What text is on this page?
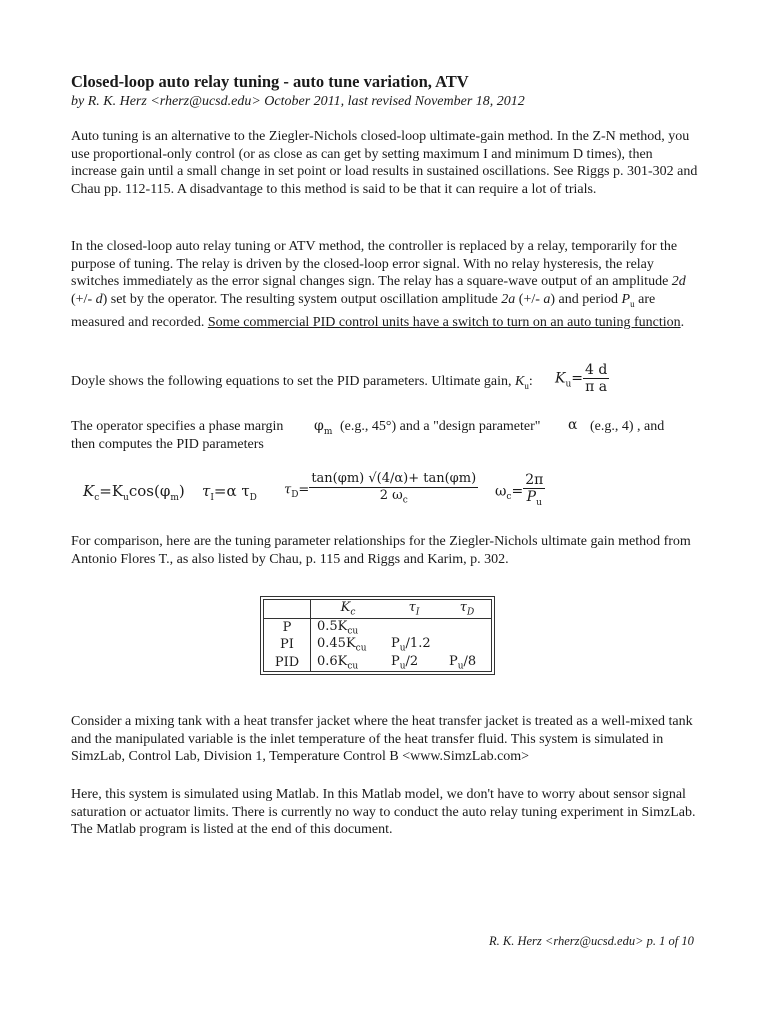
Closed-loop auto relay tuning - auto tune variation, ATV

by R. K. Herz <rherz@ucsd.edu> October 2011, last revised November 18, 2012

Auto tuning is an alternative to the Ziegler-Nichols closed-loop ultimate-gain method. In the Z-N method, you use proportional-only control (or as close as can get by setting maximum I and minimum D times), then increase gain until a small change in set point or load results in sustained oscillations. See Riggs p. 301-302 and Chau pp. 112-115. A disadvantage to this method is said to be that it can require a lot of trials.

In the closed-loop auto relay tuning or ATV method, the controller is replaced by a relay, temporarily for the purpose of tuning. The relay is driven by the closed-loop error signal. With no relay hysteresis, the relay switches immediately as the error signal changes sign. The relay has a square-wave output of an amplitude 2d (+/- d) set by the operator. The resulting system output oscillation amplitude 2a (+/- a) and period $P_u$ are measured and recorded. Some commercial PID control units have a switch to turn on an auto tuning function.

Doyle shows the following equations to set the PID parameters. Ultimate gain, $K_u$: $K_u= \frac{4 d}{\text{π a}}$
The operator specifies a phase margin $\varphi_m$ (e.g., 45°) and a "design parameter" α (e.g., 4) , and
then computes the PID parameters
$K_c=K_u\cos(\varphi_m)$ $\tau_I=\alpha$ $\tau_D$
$\tau_D= \frac{\tan(\varphi m) √(4/\alpha)+ \tan(\varphi m)}{2 \omega_c} \omega_c= \frac{2\pi}{P_u}$

For comparison, here are the tuning parameter relationships for the Ziegler-Nichols ultimate gain method from Antonio Flores T., as also listed by Chau, p. 115 and Riggs and Karim, p. 302.

	$K_c$	$\tau_I$	$\tau_D$
P	$0.5K_{cu}$		
PI	$0.45K_{cu}$	$P_u/1.2$	
PID	$0.6K_{cu}$	$P_u/2$	$P_u/8$

Consider a mixing tank with a heat transfer jacket where the heat transfer jacket is treated as a well-mixed tank and the manipulated variable is the inlet temperature of the heat transfer fluid. This system is simulated in SimzLab, Control Lab, Division 1, Temperature Control B <www.SimzLab.com>

Here, this system is simulated using Matlab. In this Matlab model, we don't have to worry about sensor signal saturation or actuator limits. There is currently no way to conduct the auto relay tuning experiment in SimzLab. The Matlab program is listed at the end of this document.

R. K. Herz <rherz@ucsd.edu> p. 1 of 10
